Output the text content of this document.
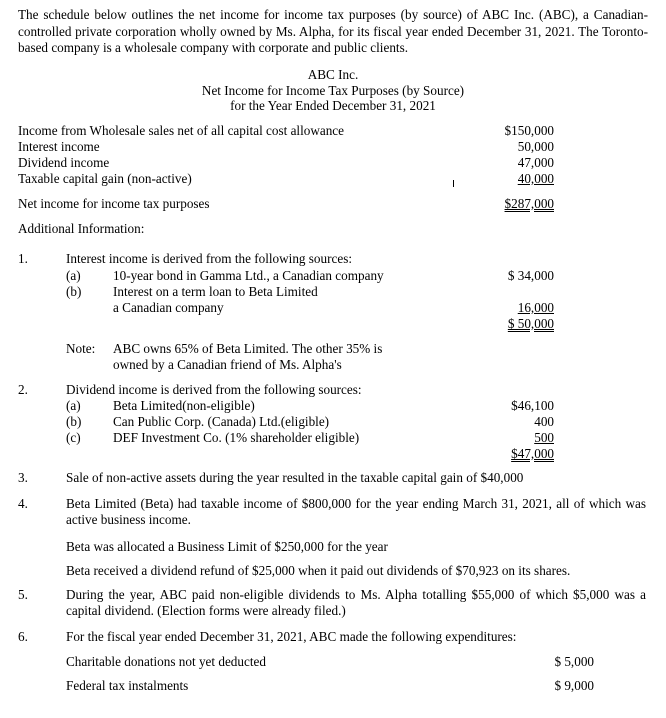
The schedule below outlines the net income for income tax purposes (by source) of ABC Inc. (ABC), a Canadian-controlled private corporation wholly owned by Ms. Alpha, for its fiscal year ended December 31, 2021. The Toronto-based company is a wholesale company with corporate and public clients.
ABC Inc.
Net Income for Income Tax Purposes (by Source)
for the Year Ended December 31, 2021
Income from Wholesale sales net of all capital cost allowance	$150,000
Interest income	50,000
Dividend income	47,000
Taxable capital gain (non-active)	40,000
Net income for income tax purposes	$287,000
Additional Information:
1.	Interest income is derived from the following sources:
(a) 10-year bond in Gamma Ltd., a Canadian company	$ 34,000
(b) Interest on a term loan to Beta Limited
a Canadian company	16,000
$ 50,000
Note: ABC owns 65% of Beta Limited. The other 35% is
owned by a Canadian friend of Ms. Alpha's
2.	Dividend income is derived from the following sources:
(a) Beta Limited(non-eligible)	$46,100
(b) Can Public Corp. (Canada) Ltd.(eligible)	400
(c) DEF Investment Co. (1% shareholder eligible)	500
$47,000
3.	Sale of non-active assets during the year resulted in the taxable capital gain of $40,000
4.	Beta Limited (Beta) had taxable income of $800,000 for the year ending March 31, 2021, all of which was active business income.
Beta was allocated a Business Limit of $250,000 for the year
Beta received a dividend refund of $25,000 when it paid out dividends of $70,923 on its shares.
5.	During the year, ABC paid non-eligible dividends to Ms. Alpha totalling $55,000 of which $5,000 was a capital dividend. (Election forms were already filed.)
6.	For the fiscal year ended December 31, 2021, ABC made the following expenditures:
Charitable donations not yet deducted	$ 5,000
Federal tax instalments	$ 9,000
